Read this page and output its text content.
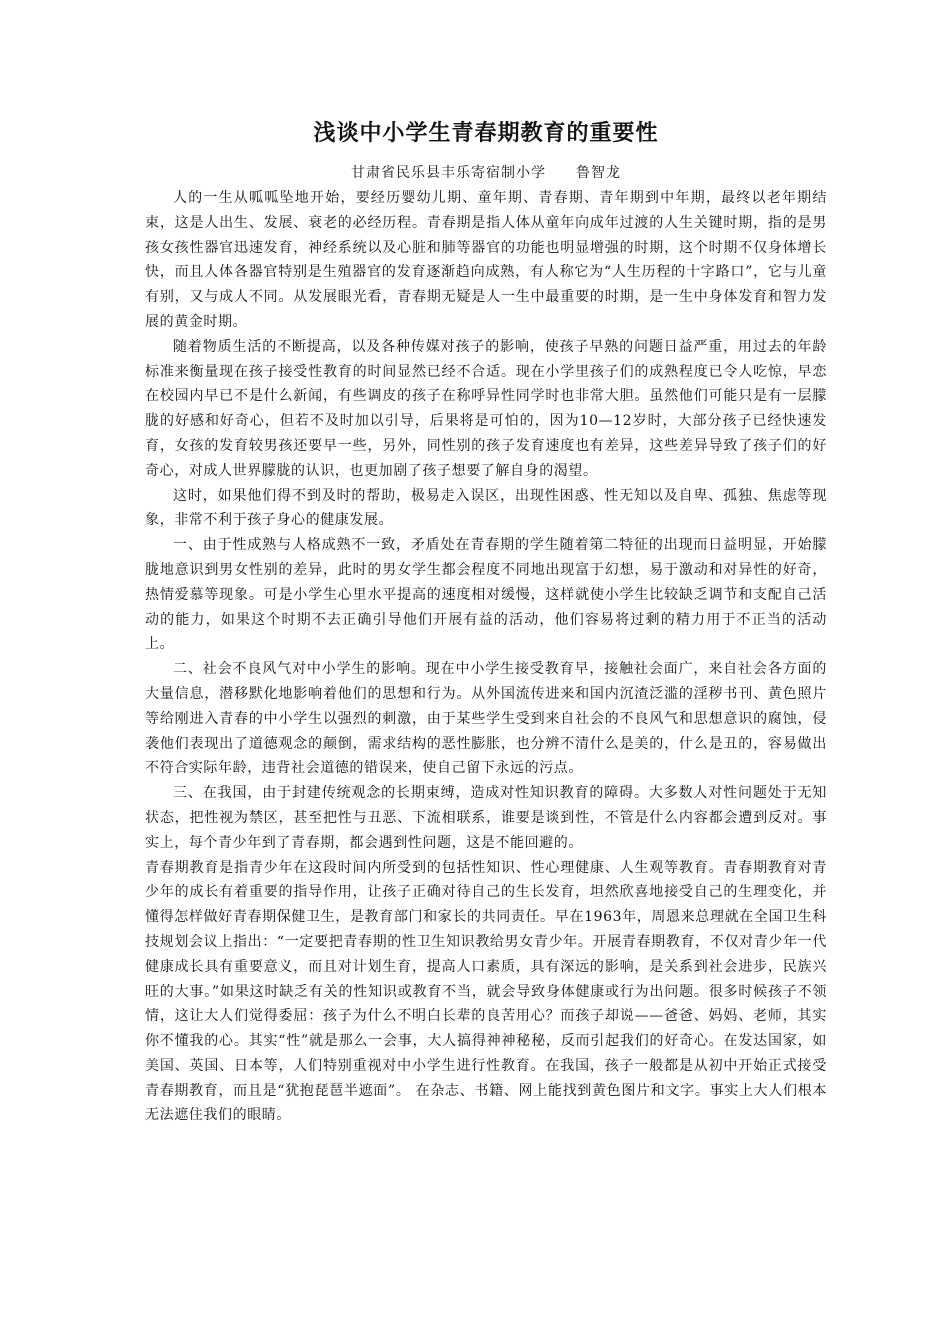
浅谈中小学生青春期教育的重要性
甘肃省民乐县丰乐寄宿制小学　　鲁智龙

人的一生从呱呱坠地开始，要经历婴幼儿期、童年期、青春期、青年期到中年期，最终以老年期结束，这是人出生、发展、衰老的必经历程。青春期是指人体从童年向成年过渡的人生关键时期，指的是男孩女孩性器官迅速发育，神经系统以及心脏和肺等器官的功能也明显增强的时期，这个时期不仅身体增长快，而且人体各器官特别是生殖器官的发育逐渐趋向成熟，有人称它为“人生历程的十字路口”，它与儿童有别，又与成人不同。从发展眼光看，青春期无疑是人一生中最重要的时期，是一生中身体发育和智力发展的黄金时期。

随着物质生活的不断提高，以及各种传媒对孩子的影响，使孩子早熟的问题日益严重，用过去的年龄标准来衡量现在孩子接受性教育的时间显然已经不合适。现在小学里孩子们的成熟程度已令人吃惊，早恋在校园内早已不是什么新闻，有些调皮的孩子在称呼异性同学时也非常大胆。虽然他们可能只是有一层朦胧的好感和好奇心，但若不及时加以引导，后果将是可怕的，因为10—12岁时，大部分孩子已经快速发育，女孩的发育较男孩还要早一些，另外，同性别的孩子发育速度也有差异，这些差异导致了孩子们的好奇心，对成人世界朦胧的认识，也更加剧了孩子想要了解自身的渴望。

这时，如果他们得不到及时的帮助，极易走入误区，出现性困惑、性无知以及自卑、孤独、焦虑等现象，非常不利于孩子身心的健康发展。

一、由于性成熟与人格成熟不一致，矛盾处在青春期的学生随着第二特征的出现而日益明显，开始朦胧地意识到男女性别的差异，此时的男女学生都会程度不同地出现富于幻想，易于激动和对异性的好奇，热情爱慕等现象。可是小学生心里水平提高的速度相对缓慢，这样就使小学生比较缺乏调节和支配自己活动的能力，如果这个时期不去正确引导他们开展有益的活动，他们容易将过剩的精力用于不正当的活动上。

二、社会不良风气对中小学生的影响。现在中小学生接受教育早，接触社会面广，来自社会各方面的大量信息，潜移默化地影响着他们的思想和行为。从外国流传进来和国内沉渣泛滥的淫秽书刊、黄色照片等给刚进入青春的中小学生以强烈的刺激，由于某些学生受到来自社会的不良风气和思想意识的腐蚀，侵袭他们表现出了道德观念的颠倒，需求结构的恶性膨胀，也分辨不清什么是美的，什么是丑的，容易做出不符合实际年龄，违背社会道德的错误来，使自己留下永远的污点。

三、在我国，由于封建传统观念的长期束缚，造成对性知识教育的障碍。大多数人对性问题处于无知状态，把性视为禁区，甚至把性与丑恶、下流相联系，谁要是谈到性，不管是什么内容都会遭到反对。事实上，每个青少年到了青春期，都会遇到性问题，这是不能回避的。

青春期教育是指青少年在这段时间内所受到的包括性知识、性心理健康、人生观等教育。青春期教育对青少年的成长有着重要的指导作用，让孩子正确对待自己的生长发育，坦然欣喜地接受自己的生理变化，并懂得怎样做好青春期保健卫生，是教育部门和家长的共同责任。早在1963年，周恩来总理就在全国卫生科技规划会议上指出：“一定要把青春期的性卫生知识教给男女青少年。开展青春期教育，不仅对青少年一代健康成长具有重要意义，而且对计划生育，提高人口素质，具有深远的影响，是关系到社会进步，民族兴旺的大事。”如果这时缺乏有关的性知识或教育不当，就会导致身体健康或行为出问题。很多时候孩子不领情，这让大人们觉得委屈：孩子为什么不明白长辈的良苦用心？而孩子却说——爸爸、妈妈、老师，其实你不懂我的心。其实“性”就是那么一会事，大人搞得神神秘秘，反而引起我们的好奇心。在发达国家，如美国、英国、日本等，人们特别重视对中小学生进行性教育。在我国，孩子一般都是从初中开始正式接受青春期教育，而且是“犹抱琵琶半遮面”。 在杂志、书籍、网上能找到黄色图片和文字。事实上大人们根本无法遮住我们的眼睛。
